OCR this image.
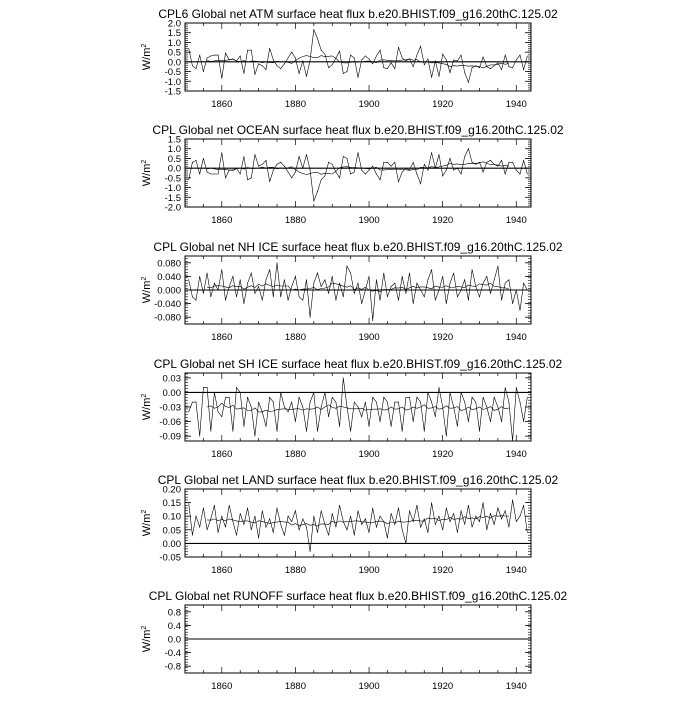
CPL6 Global net ATM surface heat flux b.e20.BHIST.f09_g16.20thC.125.02
$W/m^2$
2.0
1.5
1.0
0.5
0.0
-0.5
-1.0
-1.5
1860	1880	1900	1920	1940
CPL Global net OCEAN surface heat flux b.e20.BHIST.f09_g16.20thC.125.02
$W/m^2$
1.5
1.0
0.5
0.0
-0.5
-1.0
-1.5
-2.0
1860	1880	1900	1920	1940
CPL Global net NH ICE surface heat flux b.e20.BHIST.f09_g16.20thC.125.02
$W/m^2$
0.080
0.040
0.000
-0.040
-0.080
1860	1880	1900	1920	1940
CPL Global net SH ICE surface heat flux b.e20.BHIST.f09_g16.20thC.125.02
$W/m^2$
0.03
0.00
-0.03
-0.06
-0.09
1860	1880	1900	1920	1940
CPL Global net LAND surface heat flux b.e20.BHIST.f09_g16.20thC.125.02
$W/m^2$
0.20
0.15
0.10
0.05
0.00
-0.05
1860	1880	1900	1920	1940
CPL Global net RUNOFF surface heat flux b.e20.BHIST.f09_g16.20thC.125.02
$W/m^2$
0.8
0.4
0.0
-0.4
-0.8
1860	1880	1900	1920	1940
